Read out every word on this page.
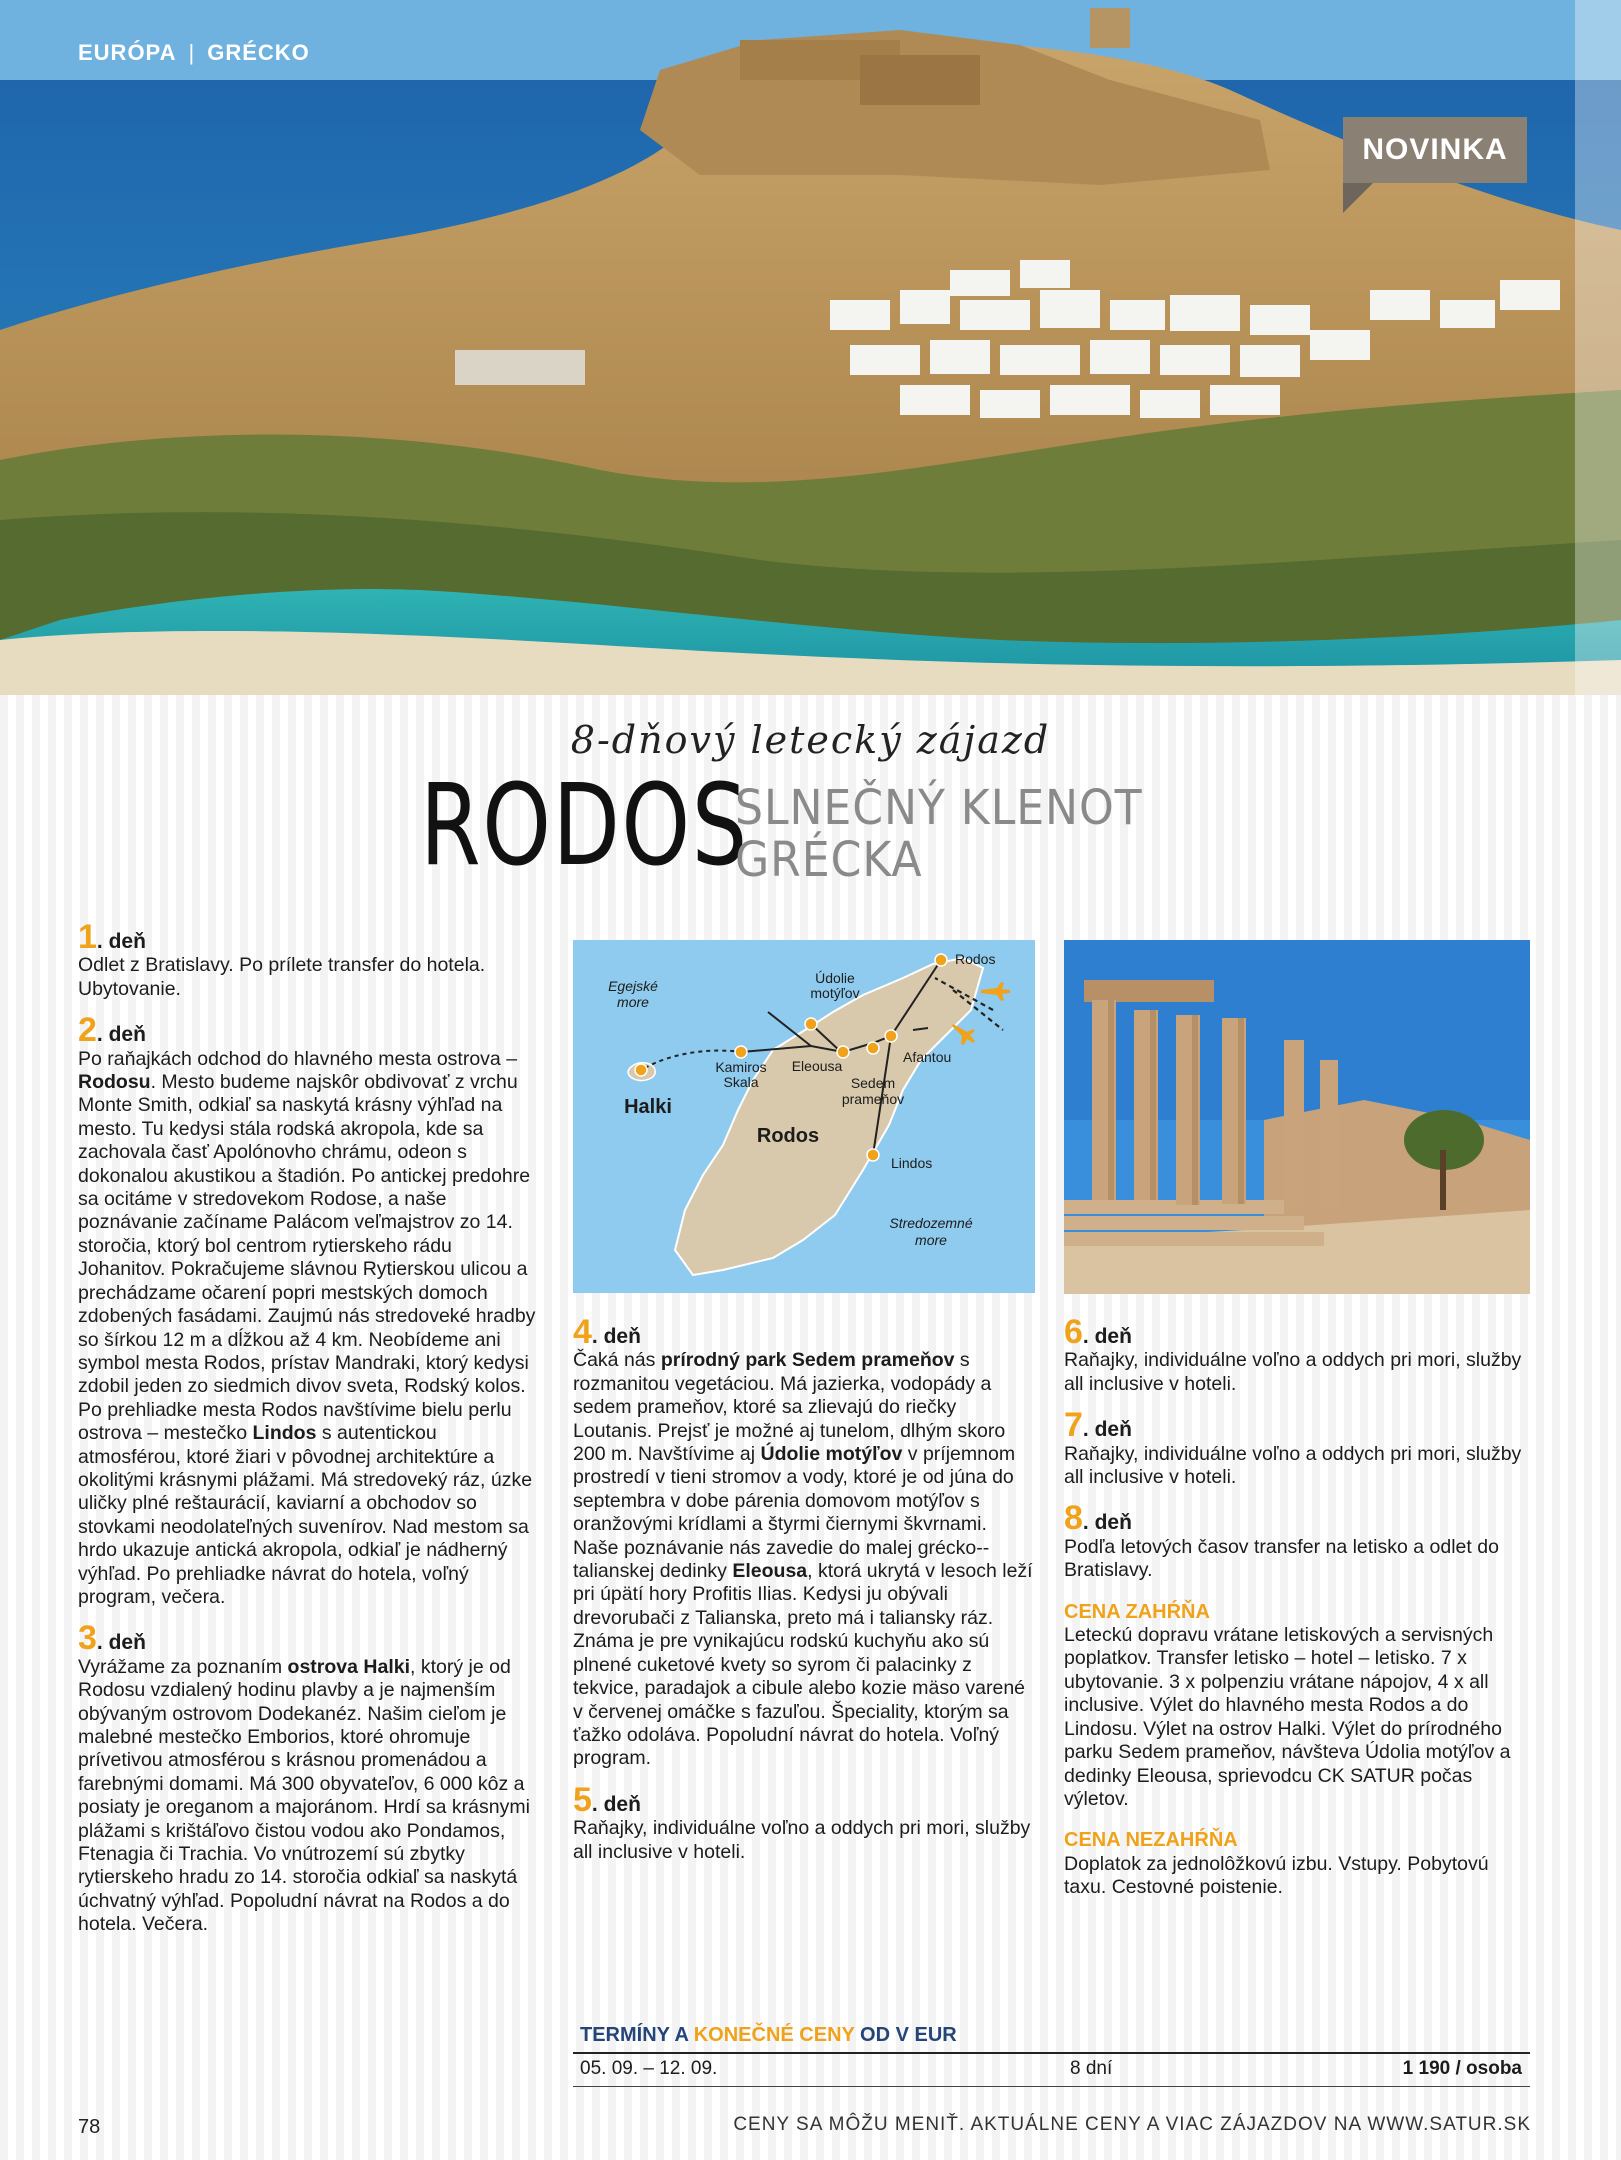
EURÓPA | GRÉCKO
NOVINKA
8-dňový letecký zájazd
RODOS
SLNEČNÝ KLENOT
GRÉCKA
1. deň

Odlet z Bratislavy. Po prílete transfer do hotela. Ubytovanie.

2. deň

Po raňajkách odchod do hlavného mesta ostrova – Rodosu. Mesto budeme najskôr obdivovať z vrchu Monte Smith, odkiaľ sa naskytá krásny výhľad na mesto. Tu kedysi stála rodská akropola, kde sa zachovala časť Apolónovho chrámu, odeon s dokonalou akustikou a štadión. Po antickej predohre sa ocitáme v stredovekom Rodose, a naše poznávanie začíname Palácom veľmajstrov zo 14. storočia, ktorý bol centrom rytierskeho rádu Johanitov. Pokračujeme slávnou Rytierskou ulicou a prechádzame očarení popri mestských domoch zdobených fasádami. Zaujmú nás stredoveké hradby so šírkou 12 m a dĺžkou až 4 km. Neobídeme ani symbol mesta Rodos, prístav Mandraki, ktorý kedysi zdobil jeden zo siedmich divov sveta, Rodský kolos. Po prehliadke mesta Rodos navštívime bielu perlu ostrova – mestečko Lindos s autentickou atmosférou, ktoré žiari v pôvodnej architektúre a okolitými krásnymi plážami. Má stredoveký ráz, úzke uličky plné reštaurácií, kaviarní a obchodov so stovkami neodolateľných suvenírov. Nad mestom sa hrdo ukazuje antická akropola, odkiaľ je nádherný výhľad. Po prehliadke návrat do hotela, voľný program, večera.

3. deň

Vyrážame za poznaním ostrova Halki, ktorý je od Rodosu vzdialený hodinu plavby a je najmenším obývaným ostrovom Dodekanéz. Našim cieľom je malebné mestečko Emborios, ktoré ohromuje prívetivou atmosférou s krásnou promenádou a farebnými domami. Má 300 obyvateľov, 6 000 kôz a posiaty je oreganom a majoránom. Hrdí sa krásnymi plážami s krištáľovo čistou vodou ako Pondamos, Ftenagia či Trachia. Vo vnútrozemí sú zbytky rytierskeho hradu zo 14. storočia odkiaľ sa naskytá úchvatný výhľad. Popoludní návrat na Rodos a do hotela. Večera.

Egejské
more
Stredozemné
more
Rodos
Údolie
motýľov
Kamiros
Skala
Eleousa
Sedem
prameňov
Afantou
Lindos
Rodos
Halki
4. deň

Čaká nás prírodný park Sedem prameňov s rozmanitou vegetáciou. Má jazierka, vodopády a sedem prameňov, ktoré sa zlievajú do riečky Loutanis. Prejsť je možné aj tunelom, dlhým skoro 200 m. Navštívime aj Údolie motýľov v príjemnom prostredí v tieni stromov a vody, ktoré je od júna do septembra v dobe párenia domovom motýľov s oranžovými krídlami a štyrmi čiernymi škvrnami. Naše poznávanie nás zavedie do malej grécko--talianskej dedinky Eleousa, ktorá ukrytá v lesoch leží pri úpätí hory Profitis Ilias. Kedysi ju obývali drevorubači z Talianska, preto má i taliansky ráz. Známa je pre vynikajúcu rodskú kuchyňu ako sú plnené cuketové kvety so syrom či palacinky z tekvice, paradajok a cibule alebo kozie mäso varené v červenej omáčke s fazuľou. Špeciality, ktorým sa ťažko odoláva. Popoludní návrat do hotela. Voľný program.

5. deň

Raňajky, individuálne voľno a oddych pri mori, služby all inclusive v hoteli.

6. deň

Raňajky, individuálne voľno a oddych pri mori, služby all inclusive v hoteli.

7. deň

Raňajky, individuálne voľno a oddych pri mori, služby all inclusive v hoteli.

8. deň

Podľa letových časov transfer na letisko a odlet do Bratislavy.

CENA ZAHŔŇA

Leteckú dopravu vrátane letiskových a servisných poplatkov. Transfer letisko – hotel – letisko. 7 x ubytovanie. 3 x polpenziu vrátane nápojov, 4 x all inclusive. Výlet do hlavného mesta Rodos a do Lindosu. Výlet na ostrov Halki. Výlet do prírodného parku Sedem prameňov, návšteva Údolia motýľov a dedinky Eleousa, sprievodcu CK SATUR počas výletov.

CENA NEZAHŔŇA

Doplatok za jednolôžkovú izbu. Vstupy. Pobytovú taxu. Cestovné poistenie.

TERMÍNY A KONEČNÉ CENY OD V EUR
05. 09. – 12. 09.	8 dní	1 190 / osoba
78	CENY SA MÔŽU MENIŤ. AKTUÁLNE CENY A VIAC ZÁJAZDOV NA WWW.SATUR.SK
